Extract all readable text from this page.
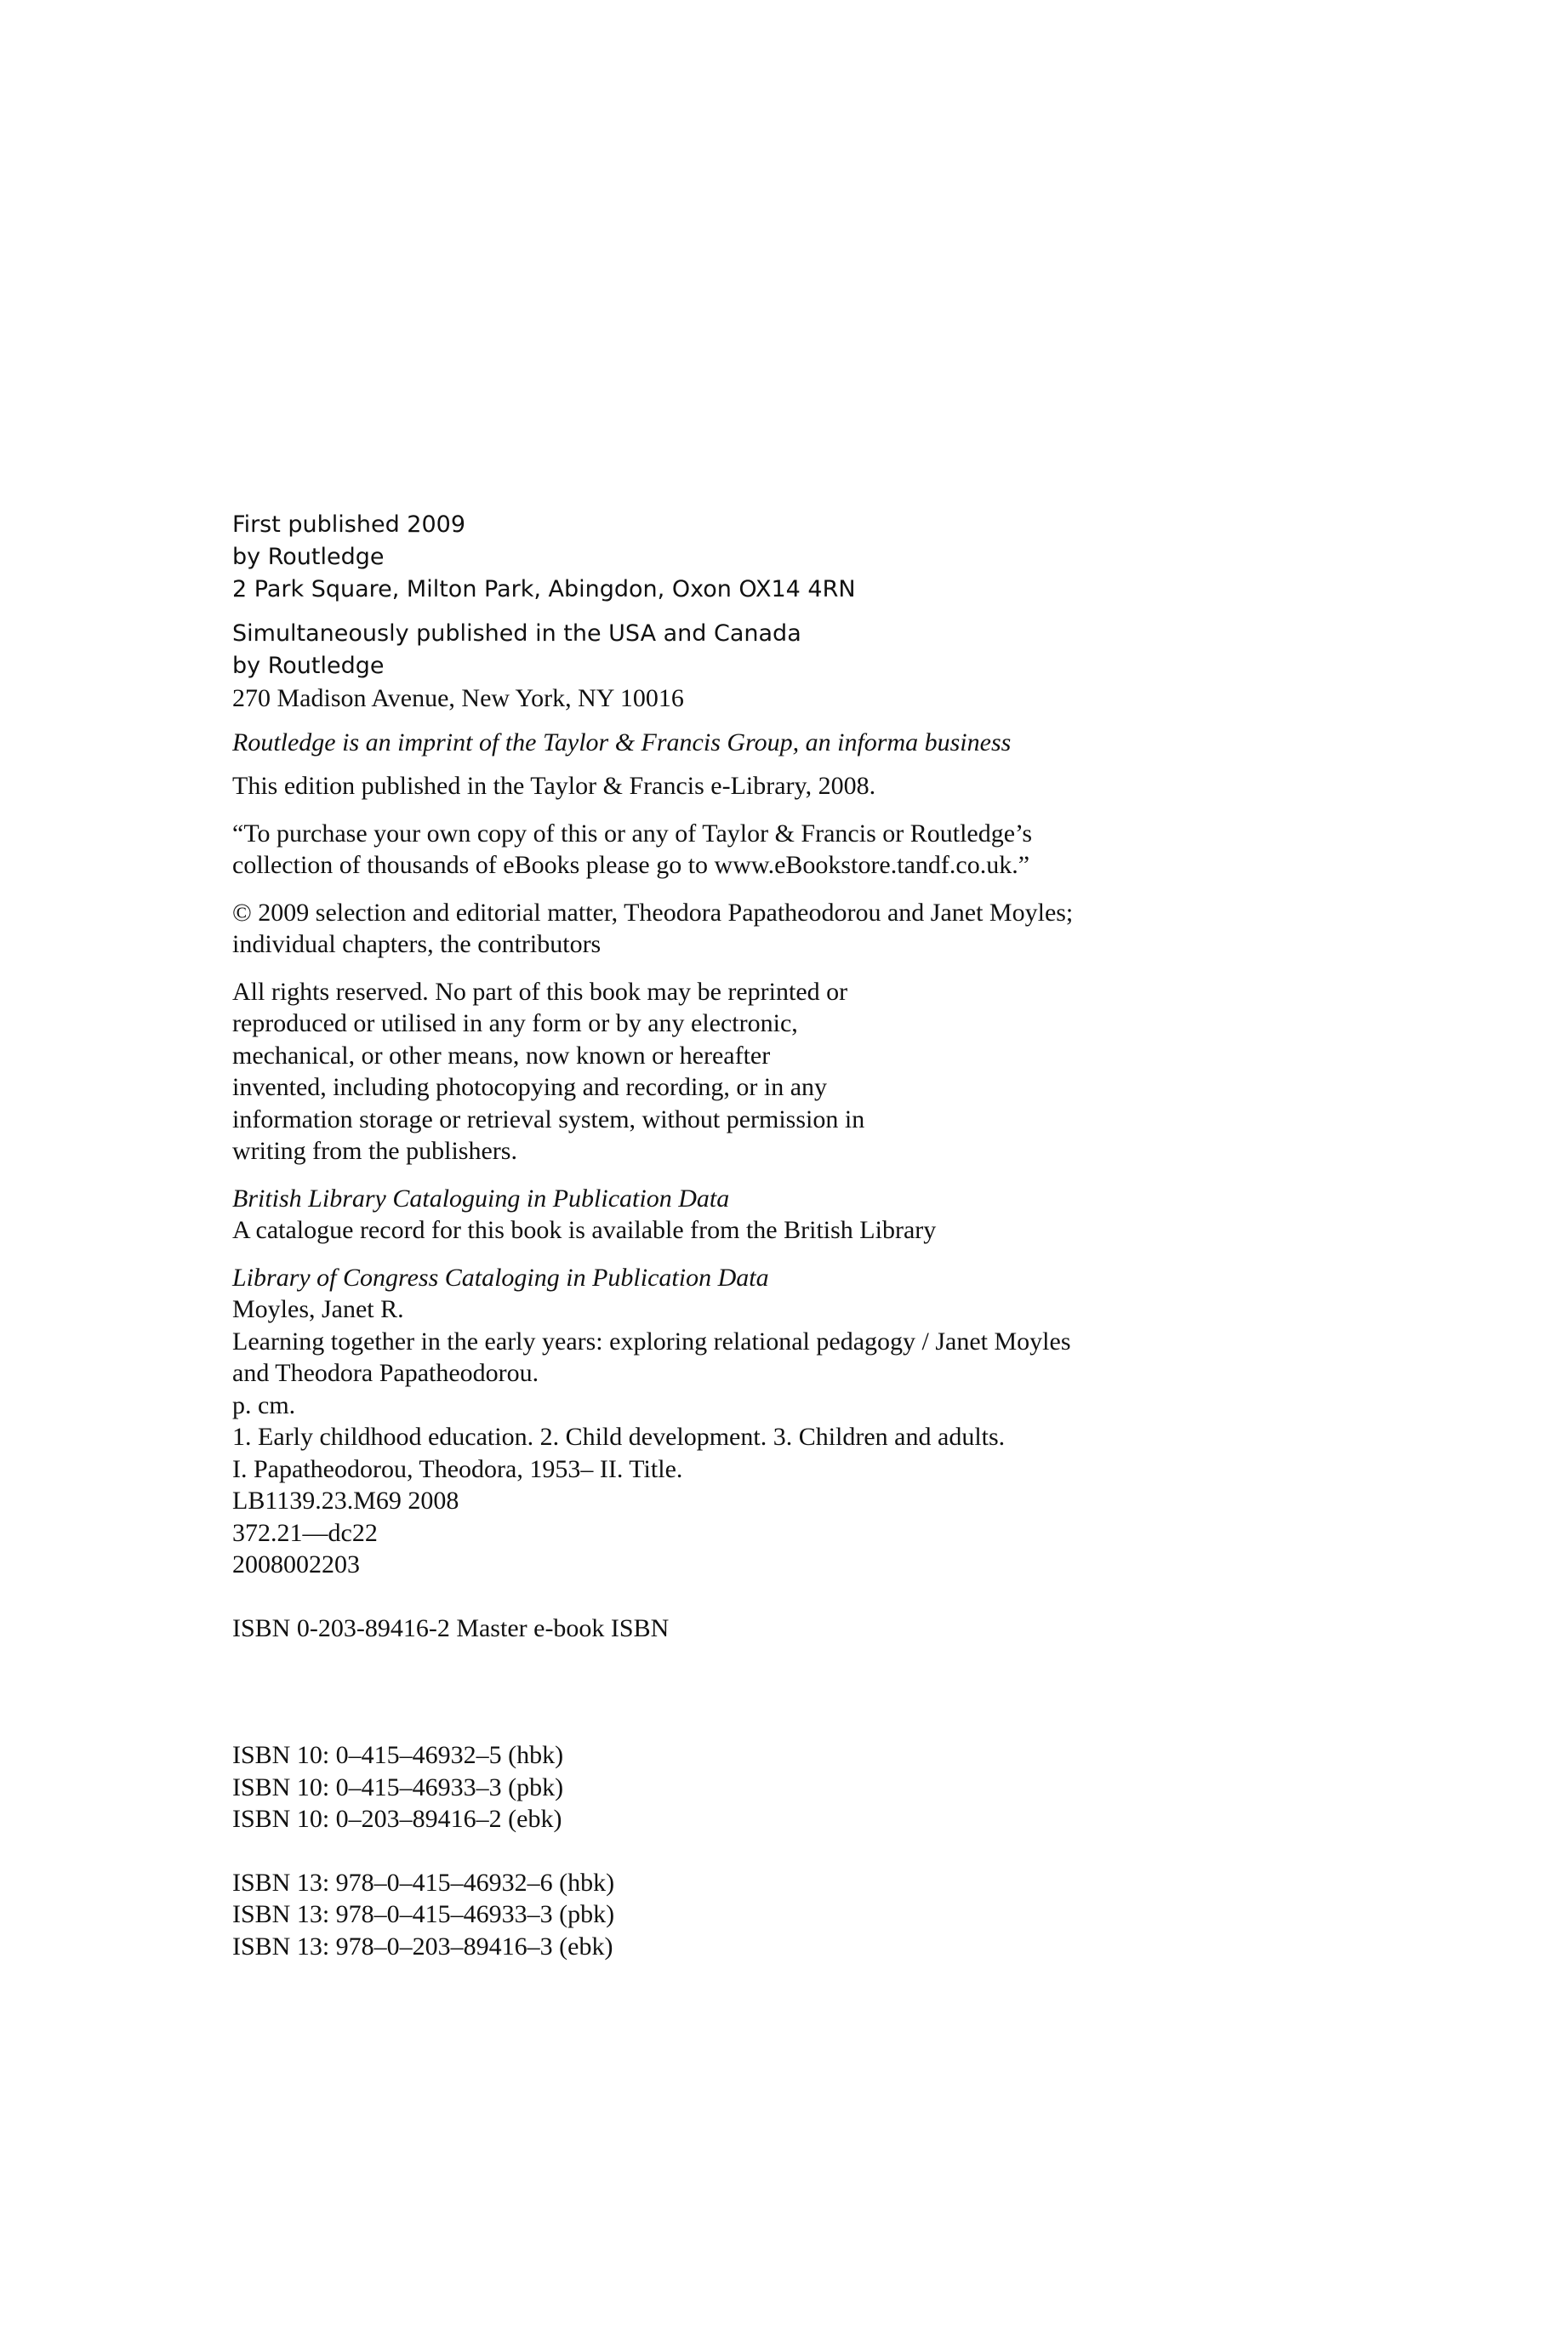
First published 2009
by Routledge
2 Park Square, Milton Park, Abingdon, Oxon OX14 4RN
Simultaneously published in the USA and Canada
by Routledge
270 Madison Avenue, New York, NY 10016
Routledge is an imprint of the Taylor & Francis Group, an informa business
This edition published in the Taylor & Francis e-Library, 2008.
“To purchase your own copy of this or any of Taylor & Francis or Routledge’s
collection of thousands of eBooks please go to www.eBookstore.tandf.co.uk.”
© 2009 selection and editorial matter, Theodora Papatheodorou and Janet Moyles;
individual chapters, the contributors
All rights reserved. No part of this book may be reprinted or
reproduced or utilised in any form or by any electronic,
mechanical, or other means, now known or hereafter
invented, including photocopying and recording, or in any
information storage or retrieval system, without permission in
writing from the publishers.
British Library Cataloguing in Publication Data
A catalogue record for this book is available from the British Library
Library of Congress Cataloging in Publication Data
Moyles, Janet R.
Learning together in the early years: exploring relational pedagogy / Janet Moyles
and Theodora Papatheodorou.
p. cm.
1. Early childhood education. 2. Child development. 3. Children and adults.
I. Papatheodorou, Theodora, 1953– II. Title.
LB1139.23.M69 2008
372.21—dc22
2008002203
ISBN 0-203-89416-2 Master e-book ISBN
ISBN 10: 0–415–46932–5 (hbk)
ISBN 10: 0–415–46933–3 (pbk)
ISBN 10: 0–203–89416–2 (ebk)
ISBN 13: 978–0–415–46932–6 (hbk)
ISBN 13: 978–0–415–46933–3 (pbk)
ISBN 13: 978–0–203–89416–3 (ebk)
